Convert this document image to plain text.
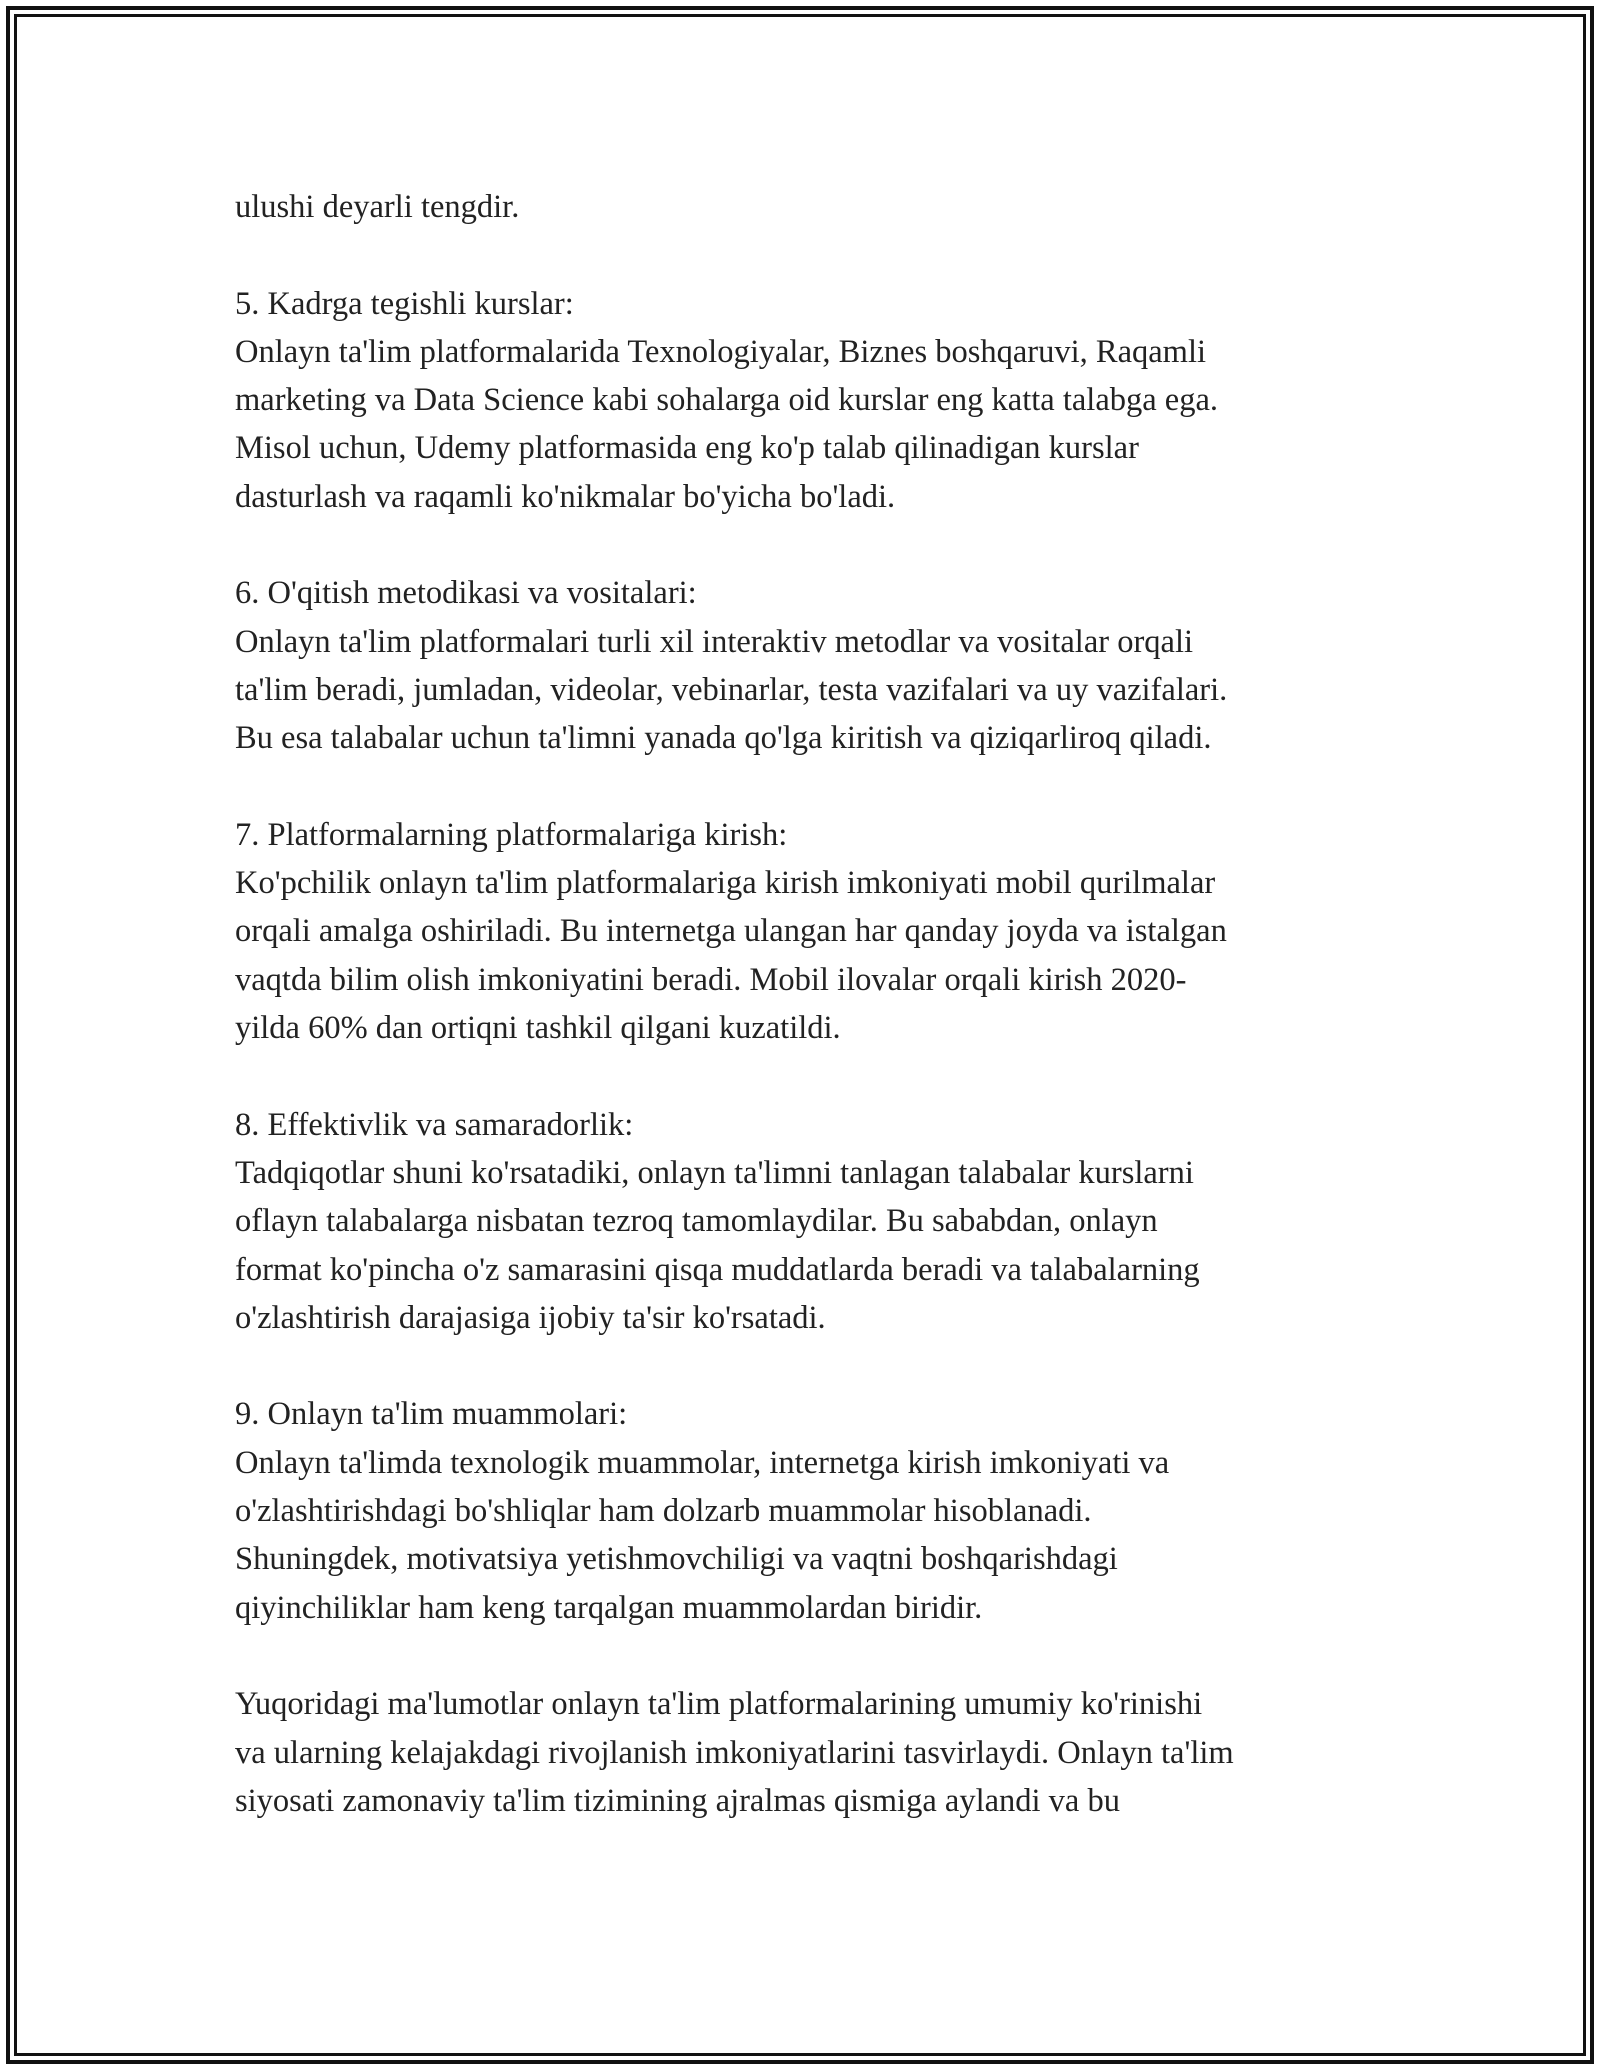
ulushi deyarli tengdir.

5. Kadrga tegishli kurslar:

Onlayn ta'lim platformalarida Texnologiyalar, Biznes boshqaruvi, Raqamli
marketing va Data Science kabi sohalarga oid kurslar eng katta talabga ega.
Misol uchun, Udemy platformasida eng ko'p talab qilinadigan kurslar
dasturlash va raqamli ko'nikmalar bo'yicha bo'ladi.

6. O'qitish metodikasi va vositalari:

Onlayn ta'lim platformalari turli xil interaktiv metodlar va vositalar orqali
ta'lim beradi, jumladan, videolar, vebinarlar, testa vazifalari va uy vazifalari.
Bu esa talabalar uchun ta'limni yanada qo'lga kiritish va qiziqarliroq qiladi.

7. Platformalarning platformalariga kirish:

Ko'pchilik onlayn ta'lim platformalariga kirish imkoniyati mobil qurilmalar
orqali amalga oshiriladi. Bu internetga ulangan har qanday joyda va istalgan
vaqtda bilim olish imkoniyatini beradi. Mobil ilovalar orqali kirish 2020-
yilda 60% dan ortiqni tashkil qilgani kuzatildi.

8. Effektivlik va samaradorlik:

Tadqiqotlar shuni ko'rsatadiki, onlayn ta'limni tanlagan talabalar kurslarni
oflayn talabalarga nisbatan tezroq tamomlaydilar. Bu sababdan, onlayn
format ko'pincha o'z samarasini qisqa muddatlarda beradi va talabalarning
o'zlashtirish darajasiga ijobiy ta'sir ko'rsatadi.

9. Onlayn ta'lim muammolari:

Onlayn ta'limda texnologik muammolar, internetga kirish imkoniyati va
o'zlashtirishdagi bo'shliqlar ham dolzarb muammolar hisoblanadi.
Shuningdek, motivatsiya yetishmovchiligi va vaqtni boshqarishdagi
qiyinchiliklar ham keng tarqalgan muammolardan biridir.

Yuqoridagi ma'lumotlar onlayn ta'lim platformalarining umumiy ko'rinishi
va ularning kelajakdagi rivojlanish imkoniyatlarini tasvirlaydi. Onlayn ta'lim
siyosati zamonaviy ta'lim tizimining ajralmas qismiga aylandi va bu
